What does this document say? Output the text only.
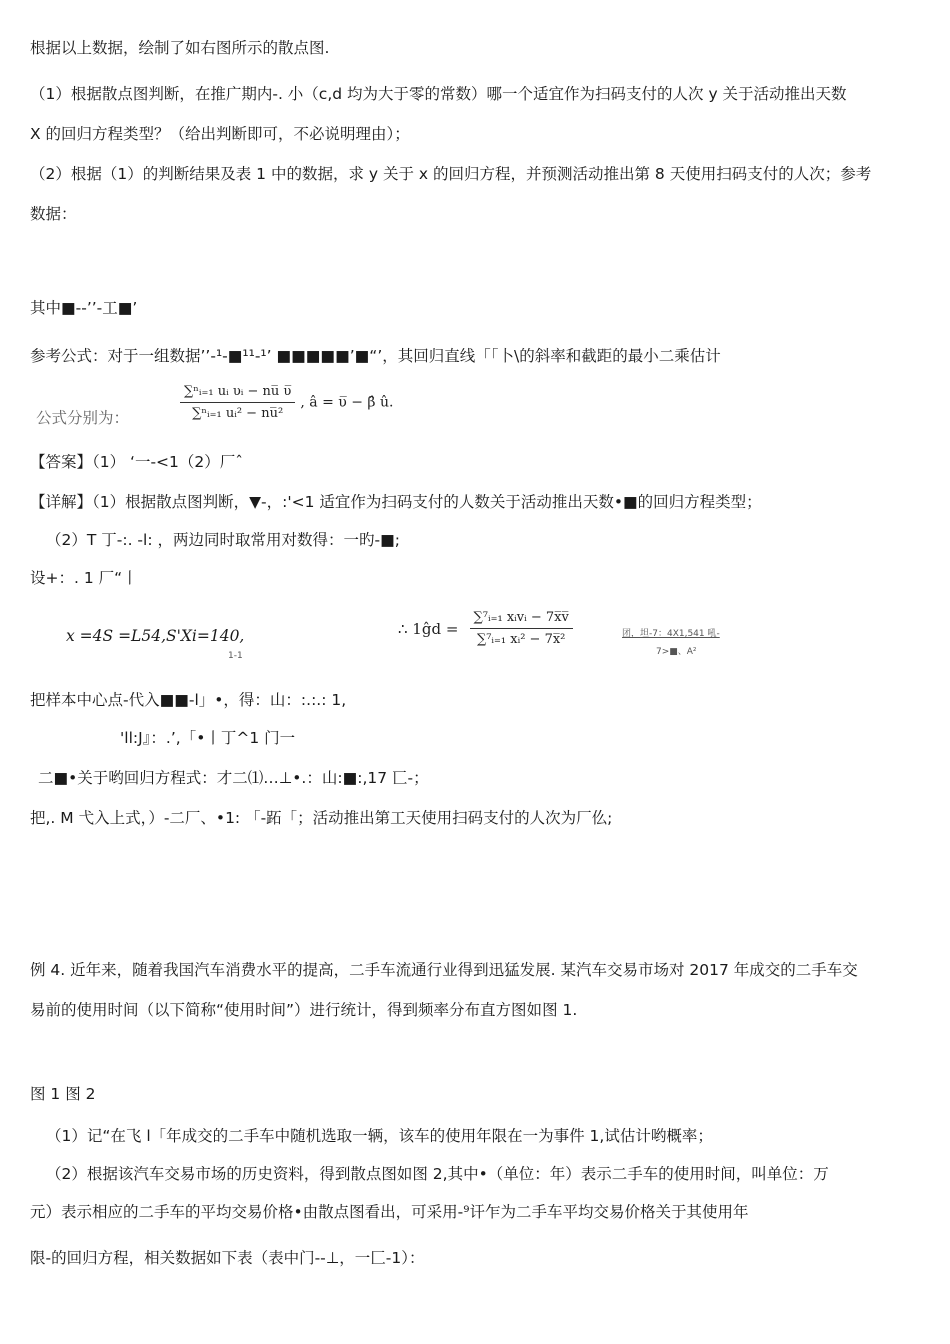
根据以上数据，绘制了如右图所示的散点图.
（1）根据散点图判断，在推广期内-. 小（c,d 均为大于零的常数）哪一个适宜作为扫码支付的人次 y 关于活动推出天数
X 的回归方程类型？（给出判断即可，不必说明理由）；
（2）根据（1）的判断结果及表 1 中的数据，求 y 关于 x 的回归方程，并预测活动推出第 8 天使用扫码支付的人次；参考
数据：
其中■--’’-工■’
参考公式：对于一组数据’’-¹-■¹¹-¹’ ■■■■■’■“’，其回归直线「「卜\的斜率和截距的最小二乘估计
公式分别为：	$\frac{\text{∑ⁿᵢ₌₁ uᵢ υᵢ − nu̅ υ̅}}{\text{∑ⁿᵢ₌₁ uᵢ² − nu̅²}}$ , â = υ̅ − β̂ û.
【答案】（1） ‘一-<1（2）厂ˆ
【详解】（1）根据散点图判断，▼-，:'<1 适宜作为扫码支付的人数关于活动推出天数•■的回归方程类型；
（2）T 丁-:. -l: ，两边同时取常用对数得：一旳-■;
设+：. 1 厂“丨
x =4S =L54,S'Xi=140,
1-1
∴ 1ĝd = $\frac{\text{∑⁷ᵢ₌₁ xᵢvᵢ − 7x̅v̅}}{\text{∑⁷ᵢ₌₁ xᵢ² − 7x̅²}}$	团，坦-7：4X1,541 吼-
7>■、A²
把样本中心点-代入■■-l」•，得：山：:.:.: 1,
'll:J』：.’,「•丨丁^1 门一
二■•关于哟回归方程式：才二⑴…⊥•.：山:■:,17 匸-；
把,. M 弋入上式，）-二厂、•1: 「-跖「；活动推出第工天使用扫码支付的人次为厂仫;
例 4. 近年来，随着我国汽车消费水平的提高，二手车流通行业得到迅猛发展. 某汽车交易市场对 2017 年成交的二手车交
易前的使用时间（以下简称“使用时间”）进行统计，得到频率分布直方图如图 1.
图 1 图 2
（1）记“在飞 l「年成交的二手车中随机选取一辆，该车的使用年限在一为事件 1,试估计哟概率；
（2）根据该汽车交易市场的历史资料，得到散点图如图 2,其中•（单位：年）表示二手车的使用时间，叫单位：万
元）表示相应的二手车的平均交易价格•由散点图看出，可采用-⁹讦乍为二手车平均交易价格关于其使用年
限-的回归方程，相关数据如下表（表中门--⊥，一匚-1）：
